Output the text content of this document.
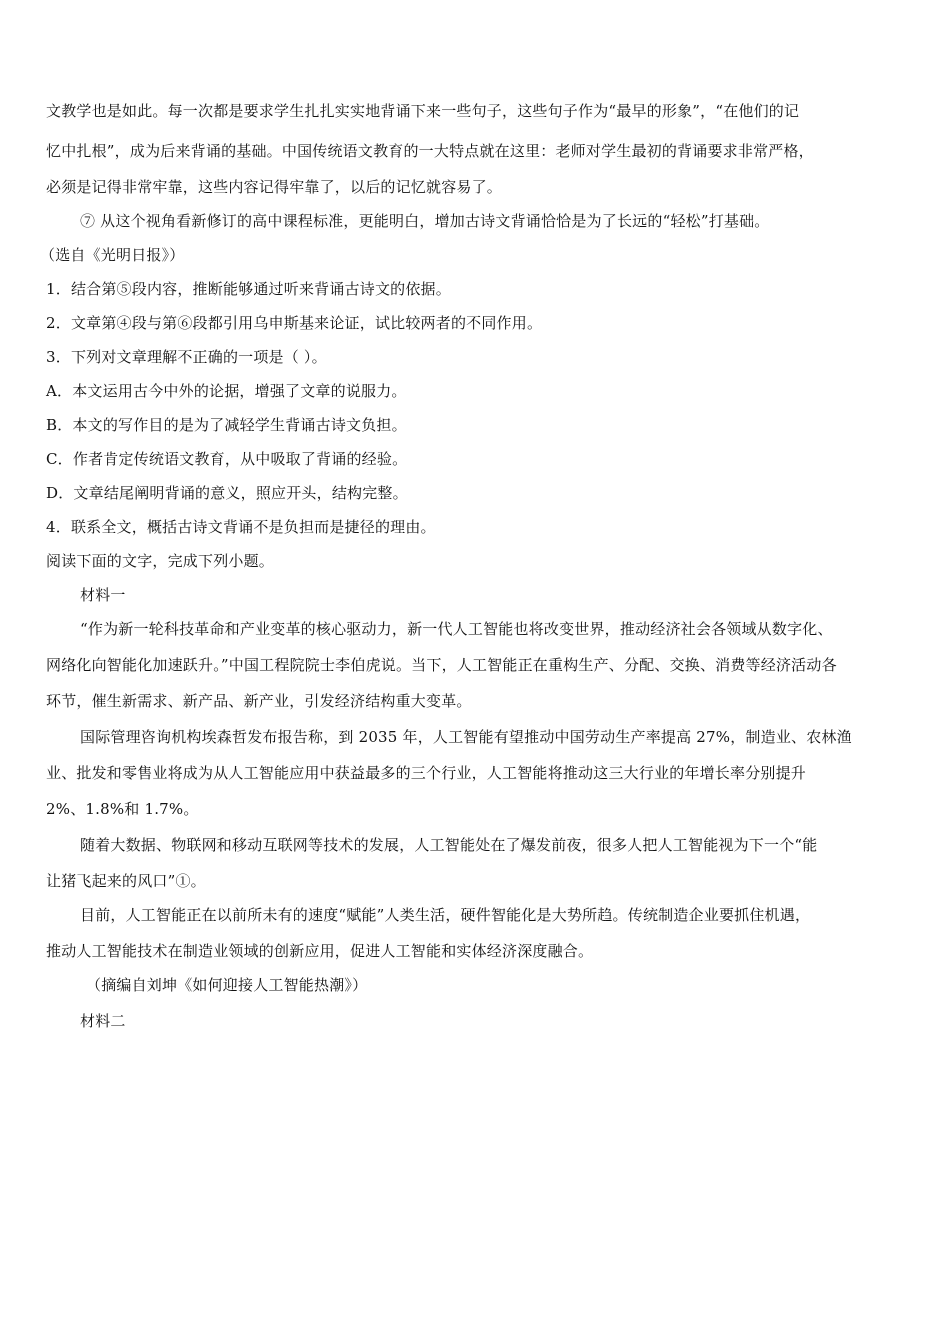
文教学也是如此。每一次都是要求学生扎扎实实地背诵下来一些句子，这些句子作为“最早的形象”，“在他们的记
忆中扎根”，成为后来背诵的基础。中国传统语文教育的一大特点就在这里：老师对学生最初的背诵要求非常严格，
必须是记得非常牢靠，这些内容记得牢靠了，以后的记忆就容易了。
⑦ 从这个视角看新修订的高中课程标准，更能明白，增加古诗文背诵恰恰是为了长远的“轻松”打基础。
（选自《光明日报》）
1．结合第⑤段内容，推断能够通过听来背诵古诗文的依据。
2．文章第④段与第⑥段都引用乌申斯基来论证，试比较两者的不同作用。
3．下列对文章理解不正确的一项是（ ）。
A．本文运用古今中外的论据，增强了文章的说服力。
B．本文的写作目的是为了减轻学生背诵古诗文负担。
C．作者肯定传统语文教育，从中吸取了背诵的经验。
D．文章结尾阐明背诵的意义，照应开头，结构完整。
4．联系全文，概括古诗文背诵不是负担而是捷径的理由。
阅读下面的文字，完成下列小题。
材料一
“作为新一轮科技革命和产业变革的核心驱动力，新一代人工智能也将改变世界，推动经济社会各领域从数字化、
网络化向智能化加速跃升。”中国工程院院士李伯虎说。当下，人工智能正在重构生产、分配、交换、消费等经济活动各
环节，催生新需求、新产品、新产业，引发经济结构重大变革。
国际管理咨询机构埃森哲发布报告称，到 2035 年，人工智能有望推动中国劳动生产率提高 27%，制造业、农林渔
业、批发和零售业将成为从人工智能应用中获益最多的三个行业，人工智能将推动这三大行业的年增长率分别提升
2%、1.8%和 1.7%。
随着大数据、物联网和移动互联网等技术的发展，人工智能处在了爆发前夜，很多人把人工智能视为下一个“能
让猪飞起来的风口”①。
目前，人工智能正在以前所未有的速度“赋能”人类生活，硬件智能化是大势所趋。传统制造企业要抓住机遇，
推动人工智能技术在制造业领域的创新应用，促进人工智能和实体经济深度融合。
（摘编自刘坤《如何迎接人工智能热潮》）
材料二
